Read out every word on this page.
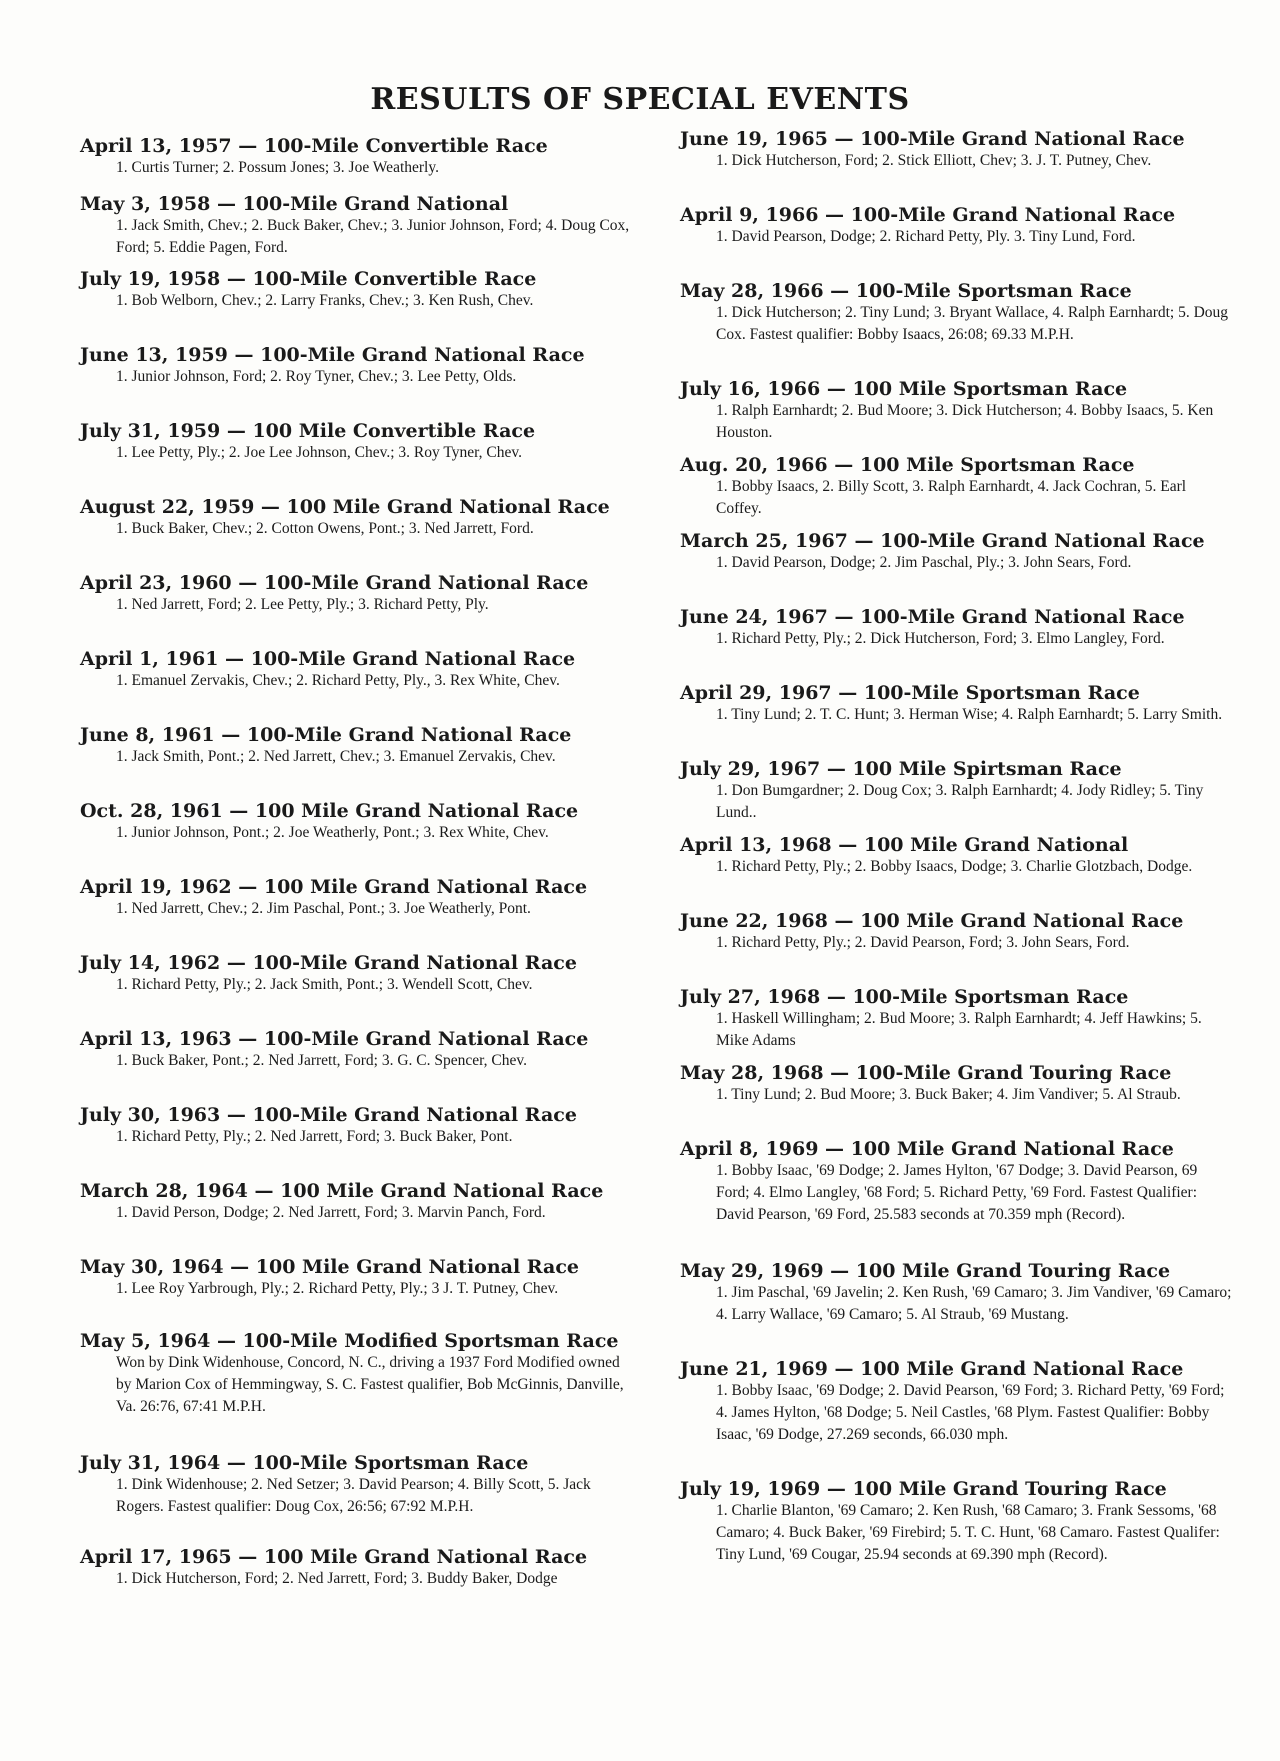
RESULTS OF SPECIAL EVENTS
April 13, 1957 — 100-Mile Convertible Race
1. Curtis Turner; 2. Possum Jones; 3. Joe Weatherly.
May 3, 1958 — 100-Mile Grand National
1. Jack Smith, Chev.; 2. Buck Baker, Chev.; 3. Junior Johnson, Ford; 4. Doug Cox, Ford; 5. Eddie Pagen, Ford.
July 19, 1958 — 100-Mile Convertible Race
1. Bob Welborn, Chev.; 2. Larry Franks, Chev.; 3. Ken Rush, Chev.
June 13, 1959 — 100-Mile Grand National Race
1. Junior Johnson, Ford; 2. Roy Tyner, Chev.; 3. Lee Petty, Olds.
July 31, 1959 — 100 Mile Convertible Race
1. Lee Petty, Ply.; 2. Joe Lee Johnson, Chev.; 3. Roy Tyner, Chev.
August 22, 1959 — 100 Mile Grand National Race
1. Buck Baker, Chev.; 2. Cotton Owens, Pont.; 3. Ned Jarrett, Ford.
April 23, 1960 — 100-Mile Grand National Race
1. Ned Jarrett, Ford; 2. Lee Petty, Ply.; 3. Richard Petty, Ply.
April 1, 1961 — 100-Mile Grand National Race
1. Emanuel Zervakis, Chev.; 2. Richard Petty, Ply., 3. Rex White, Chev.
June 8, 1961 — 100-Mile Grand National Race
1. Jack Smith, Pont.; 2. Ned Jarrett, Chev.; 3. Emanuel Zervakis, Chev.
Oct. 28, 1961 — 100 Mile Grand National Race
1. Junior Johnson, Pont.; 2. Joe Weatherly, Pont.; 3. Rex White, Chev.
April 19, 1962 — 100 Mile Grand National Race
1. Ned Jarrett, Chev.; 2. Jim Paschal, Pont.; 3. Joe Weatherly, Pont.
July 14, 1962 — 100-Mile Grand National Race
1. Richard Petty, Ply.; 2. Jack Smith, Pont.; 3. Wendell Scott, Chev.
April 13, 1963 — 100-Mile Grand National Race
1. Buck Baker, Pont.; 2. Ned Jarrett, Ford; 3. G. C. Spencer, Chev.
July 30, 1963 — 100-Mile Grand National Race
1. Richard Petty, Ply.; 2. Ned Jarrett, Ford; 3. Buck Baker, Pont.
March 28, 1964 — 100 Mile Grand National Race
1. David Person, Dodge; 2. Ned Jarrett, Ford; 3. Marvin Panch, Ford.
May 30, 1964 — 100 Mile Grand National Race
1. Lee Roy Yarbrough, Ply.; 2. Richard Petty, Ply.; 3 J. T. Putney, Chev.
May 5, 1964 — 100-Mile Modified Sportsman Race
Won by Dink Widenhouse, Concord, N. C., driving a 1937 Ford Modified owned by Marion Cox of Hemmingway, S. C. Fastest qualifier, Bob McGinnis, Danville, Va. 26:76, 67:41 M.P.H.
July 31, 1964 — 100-Mile Sportsman Race
1. Dink Widenhouse; 2. Ned Setzer; 3. David Pearson; 4. Billy Scott, 5. Jack Rogers. Fastest qualifier: Doug Cox, 26:56; 67:92 M.P.H.
April 17, 1965 — 100 Mile Grand National Race
1. Dick Hutcherson, Ford; 2. Ned Jarrett, Ford; 3. Buddy Baker, Dodge
June 19, 1965 — 100-Mile Grand National Race
1. Dick Hutcherson, Ford; 2. Stick Elliott, Chev; 3. J. T. Putney, Chev.
April 9, 1966 — 100-Mile Grand National Race
1. David Pearson, Dodge; 2. Richard Petty, Ply. 3. Tiny Lund, Ford.
May 28, 1966 — 100-Mile Sportsman Race
1. Dick Hutcherson; 2. Tiny Lund; 3. Bryant Wallace, 4. Ralph Earnhardt; 5. Doug Cox. Fastest qualifier: Bobby Isaacs, 26:08; 69.33 M.P.H.
July 16, 1966 — 100 Mile Sportsman Race
1. Ralph Earnhardt; 2. Bud Moore; 3. Dick Hutcherson; 4. Bobby Isaacs, 5. Ken Houston.
Aug. 20, 1966 — 100 Mile Sportsman Race
1. Bobby Isaacs, 2. Billy Scott, 3. Ralph Earnhardt, 4. Jack Cochran, 5. Earl Coffey.
March 25, 1967 — 100-Mile Grand National Race
1. David Pearson, Dodge; 2. Jim Paschal, Ply.; 3. John Sears, Ford.
June 24, 1967 — 100-Mile Grand National Race
1. Richard Petty, Ply.; 2. Dick Hutcherson, Ford; 3. Elmo Langley, Ford.
April 29, 1967 — 100-Mile Sportsman Race
1. Tiny Lund; 2. T. C. Hunt; 3. Herman Wise; 4. Ralph Earnhardt; 5. Larry Smith.
July 29, 1967 — 100 Mile Spirtsman Race
1. Don Bumgardner; 2. Doug Cox; 3. Ralph Earnhardt; 4. Jody Ridley; 5. Tiny Lund..
April 13, 1968 — 100 Mile Grand National
1. Richard Petty, Ply.; 2. Bobby Isaacs, Dodge; 3. Charlie Glotzbach, Dodge.
June 22, 1968 — 100 Mile Grand National Race
1. Richard Petty, Ply.; 2. David Pearson, Ford; 3. John Sears, Ford.
July 27, 1968 — 100-Mile Sportsman Race
1. Haskell Willingham; 2. Bud Moore; 3. Ralph Earnhardt; 4. Jeff Hawkins; 5. Mike Adams
May 28, 1968 — 100-Mile Grand Touring Race
1. Tiny Lund; 2. Bud Moore; 3. Buck Baker; 4. Jim Vandiver; 5. Al Straub.
April 8, 1969 — 100 Mile Grand National Race
1. Bobby Isaac, '69 Dodge; 2. James Hylton, '67 Dodge; 3. David Pearson, 69 Ford; 4. Elmo Langley, '68 Ford; 5. Richard Petty, '69 Ford. Fastest Qualifier: David Pearson, '69 Ford, 25.583 seconds at 70.359 mph (Record).
May 29, 1969 — 100 Mile Grand Touring Race
1. Jim Paschal, '69 Javelin; 2. Ken Rush, '69 Camaro; 3. Jim Vandiver, '69 Camaro; 4. Larry Wallace, '69 Camaro; 5. Al Straub, '69 Mustang.
June 21, 1969 — 100 Mile Grand National Race
1. Bobby Isaac, '69 Dodge; 2. David Pearson, '69 Ford; 3. Richard Petty, '69 Ford; 4. James Hylton, '68 Dodge; 5. Neil Castles, '68 Plym. Fastest Qualifier: Bobby Isaac, '69 Dodge, 27.269 seconds, 66.030 mph.
July 19, 1969 — 100 Mile Grand Touring Race
1. Charlie Blanton, '69 Camaro; 2. Ken Rush, '68 Camaro; 3. Frank Sessoms, '68 Camaro; 4. Buck Baker, '69 Firebird; 5. T. C. Hunt, '68 Camaro. Fastest Qualifer: Tiny Lund, '69 Cougar, 25.94 seconds at 69.390 mph (Record).
